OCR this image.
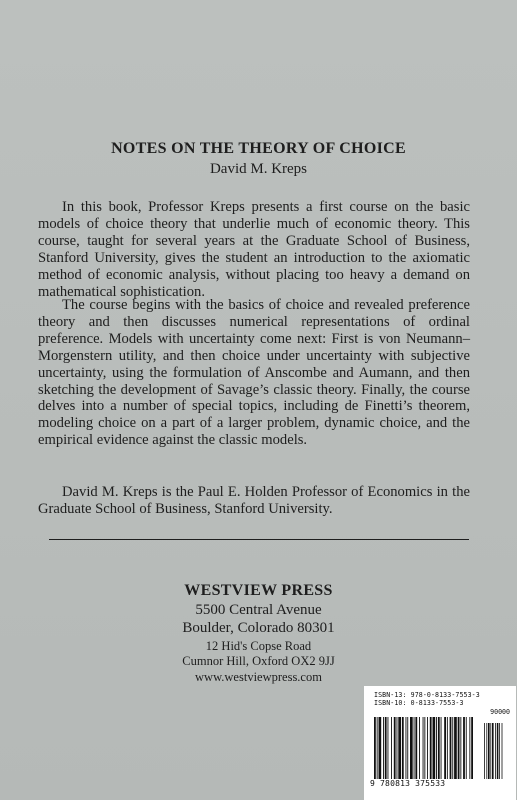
NOTES ON THE THEORY OF CHOICE
David M. Kreps
In this book, Professor Kreps presents a first course on the basic models of choice theory that underlie much of economic theory. This course, taught for several years at the Graduate School of Business, Stanford University, gives the student an introduction to the axiomatic method of economic analysis, without placing too heavy a demand on mathematical sophistication.
The course begins with the basics of choice and revealed preference theory and then discusses numerical representations of ordinal preference. Models with uncertainty come next: First is von Neumann–Morgenstern utility, and then choice under uncertainty with subjective uncertainty, using the formulation of Anscombe and Aumann, and then sketching the development of Savage’s classic theory. Finally, the course delves into a number of special topics, including de Finetti’s theorem, modeling choice on a part of a larger problem, dynamic choice, and the empirical evidence against the classic models.
David M. Kreps is the Paul E. Holden Professor of Economics in the Graduate School of Business, Stanford University.
WESTVIEW PRESS
5500 Central Avenue
Boulder, Colorado 80301
12 Hid's Copse Road
Cumnor Hill, Oxford OX2 9JJ
www.westviewpress.com
ISBN-13: 978-0-8133-7553-3
ISBN-10: 0-8133-7553-3
90000
9 780813 375533
